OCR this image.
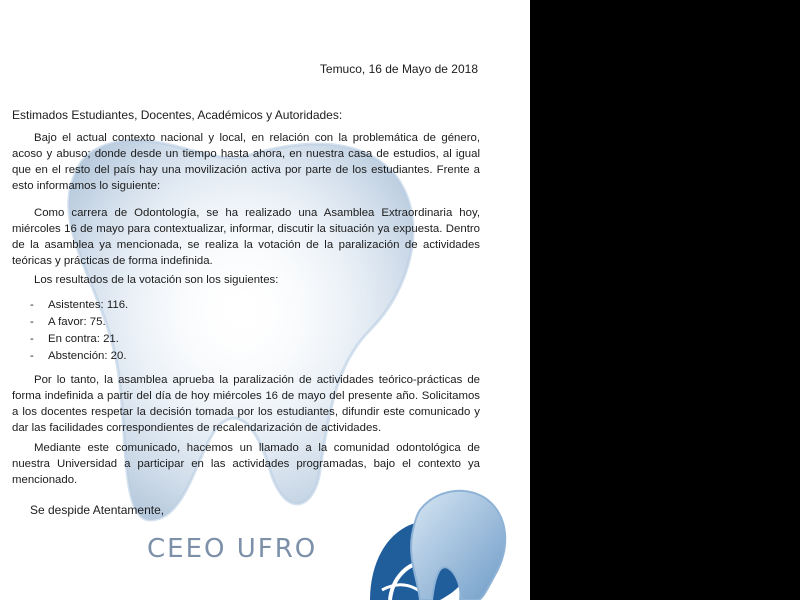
Temuco, 16 de Mayo de 2018
Estimados Estudiantes, Docentes, Académicos y Autoridades:

Bajo el actual contexto nacional y local, en relación con la problemática de género, acoso y abuso; donde desde un tiempo hasta ahora, en nuestra casa de estudios, al igual que en el resto del país hay una movilización activa por parte de los estudiantes. Frente a esto informamos lo siguiente:

Como carrera de Odontología, se ha realizado una Asamblea Extraordinaria hoy, miércoles 16 de mayo para contextualizar, informar, discutir la situación ya expuesta. Dentro de la asamblea ya mencionada, se realiza la votación de la paralización de actividades teóricas y prácticas de forma indefinida.

Los resultados de la votación son los siguientes:

- Asistentes: 116.
- A favor: 75.
- En contra: 21.
- Abstención: 20.

Por lo tanto, la asamblea aprueba la paralización de actividades teórico-prácticas de forma indefinida a partir del día de hoy miércoles 16 de mayo del presente año. Solicitamos a los docentes respetar la decisión tomada por los estudiantes, difundir este comunicado y dar las facilidades correspondientes de recalendarización de actividades.

Mediante este comunicado, hacemos un llamado a la comunidad odontológica de nuestra Universidad a participar en las actividades programadas, bajo el contexto ya mencionado.

Se despide Atentamente,
CEEO UFRO
